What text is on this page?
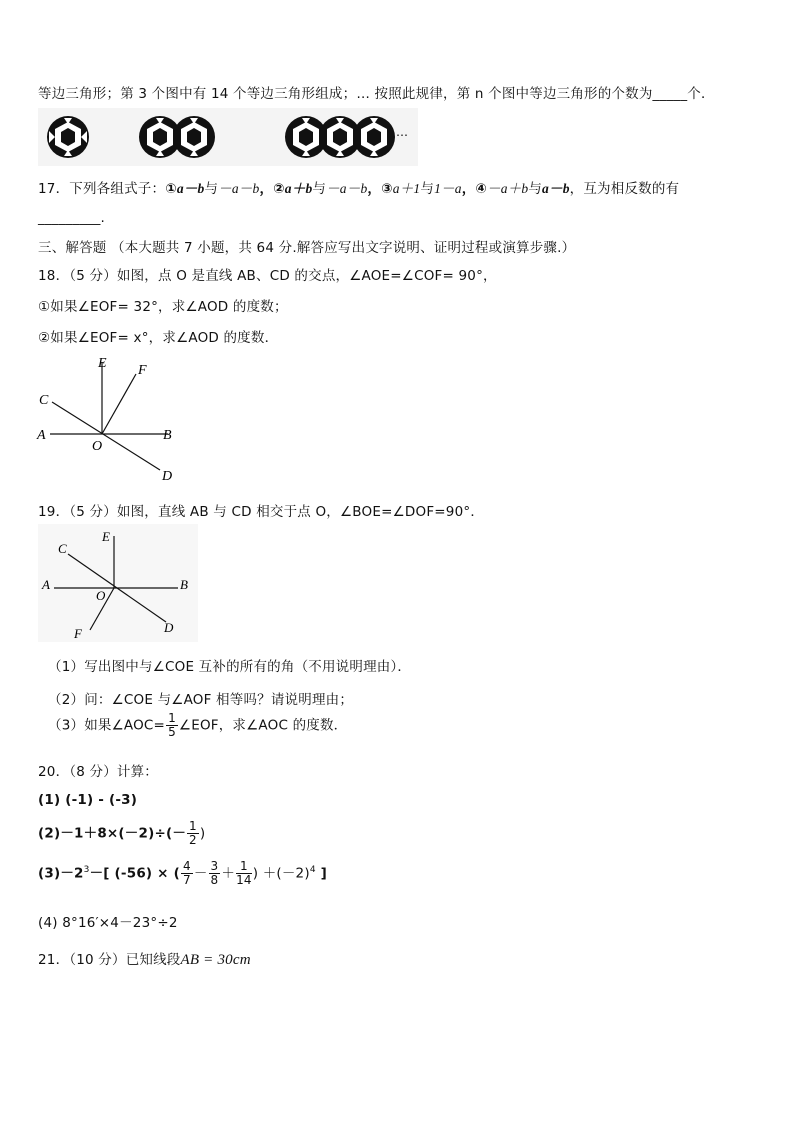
等边三角形；第 3 个图中有 14 个等边三角形组成；… 按照此规律，第 n 个图中等边三角形的个数为_____个．
…
17．下列各组式子：①a－b与－a－b，②a＋b与－a－b，③a＋1与1－a，④－a＋b与a－b，互为相反数的有
_________.
三、解答题 （本大题共 7 小题，共 64 分.解答应写出文字说明、证明过程或演算步骤.）
18．（5 分）如图，点 O 是直线 AB、CD 的交点，∠AOE=∠COF= 90°，
①如果∠EOF= 32°，求∠AOD 的度数；
②如果∠EOF= x°，求∠AOD 的度数．
E F
C
A
O
B
D
19．（5 分）如图，直线 AB 与 CD 相交于点 O，∠BOE=∠DOF=90°．
E
C
A
O
B
F	D
（1）写出图中与∠COE 互补的所有的角（不用说明理由）．
（2）问：∠COE 与∠AOF 相等吗？请说明理由；
（3）如果∠AOC= $\frac{1}{5}$ ∠EOF，求∠AOC 的度数．
20．（8 分）计算：
(1) (-1) - (-3)
$(2)-1+8\times(-2)\div(- \frac{1}{2}$ )
$(3)-2^3-$[ (-56) × ( $\frac{4}{7} - \frac{3}{8} + \frac{1}{14}$ ) $+(-2)^4$ ]
(4) 8°16′×4－23°÷2
21．（10 分）已知线段AB = 30cm
